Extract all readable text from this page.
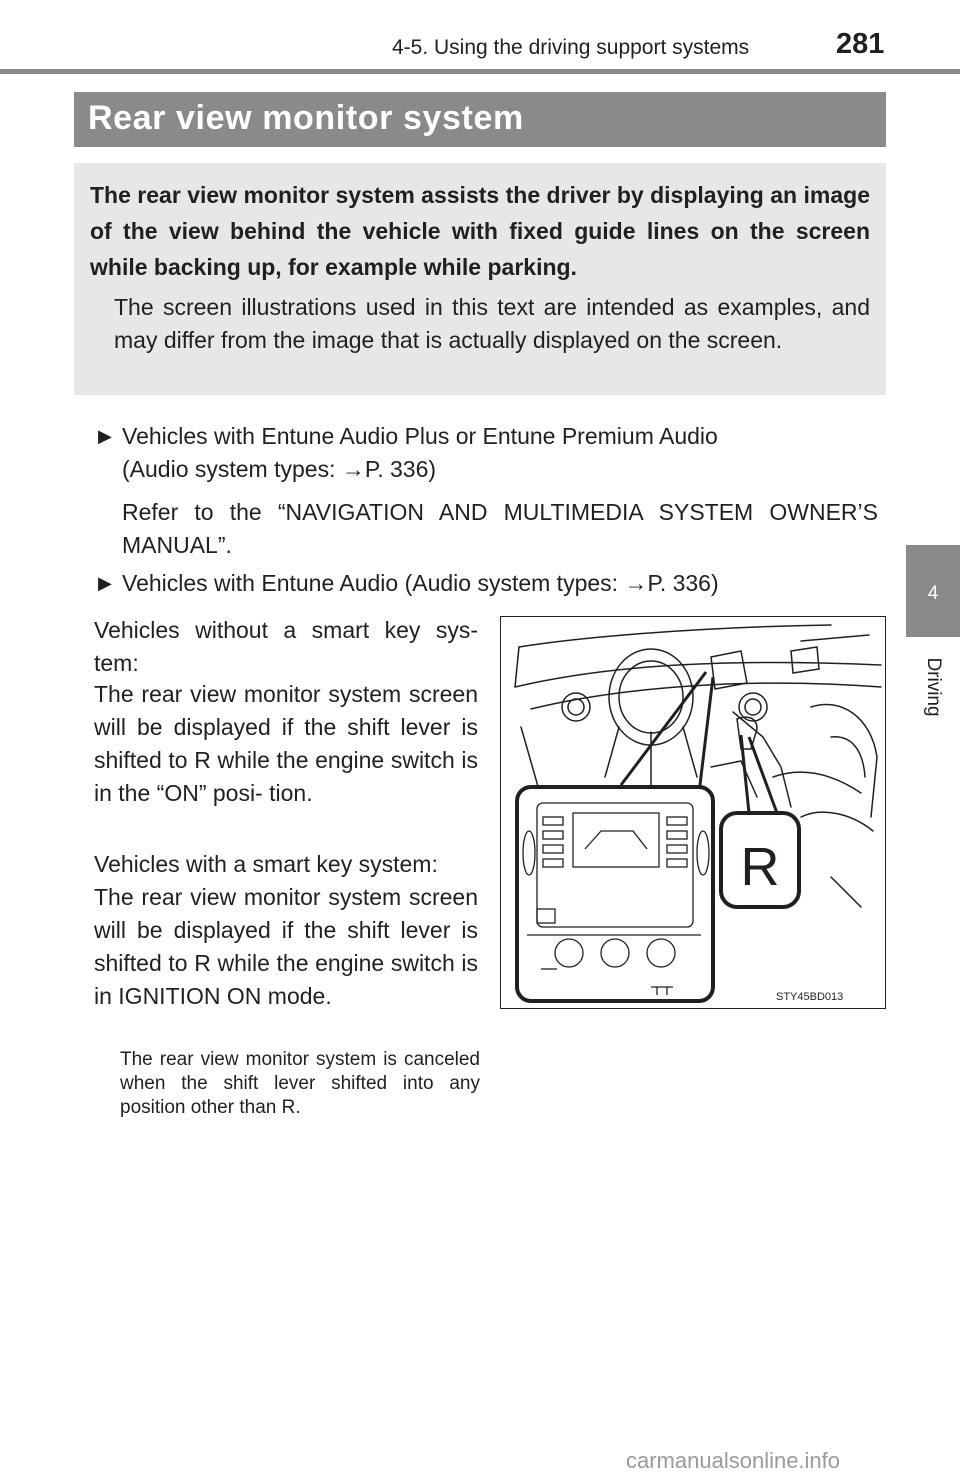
4-5. Using the driving support systems	281
4
Driving
Rear view monitor system

The rear view monitor system assists the driver by displaying an image of the view behind the vehicle with fixed guide lines on the screen while backing up, for example while parking.

The screen illustrations used in this text are intended as examples, and may differ from the image that is actually displayed on the screen.

▶ Vehicles with Entune Audio Plus or Entune Premium Audio

(Audio system types: →P. 336)

Refer to the “NAVIGATION AND MULTIMEDIA SYSTEM OWNER’S MANUAL”.

▶ Vehicles with Entune Audio (Audio system types: →P. 336)

Vehicles without a smart key sys- tem:

The rear view monitor system screen will be displayed if the shift lever is shifted to R while the engine switch is in the “ON” posi- tion.

Vehicles with a smart key system:

The rear view monitor system screen will be displayed if the shift lever is shifted to R while the engine switch is in IGNITION ON mode.

The rear view monitor system is canceled when the shift lever shifted into any position other than R.

R
STY45BD013
carmanualsonline.info
